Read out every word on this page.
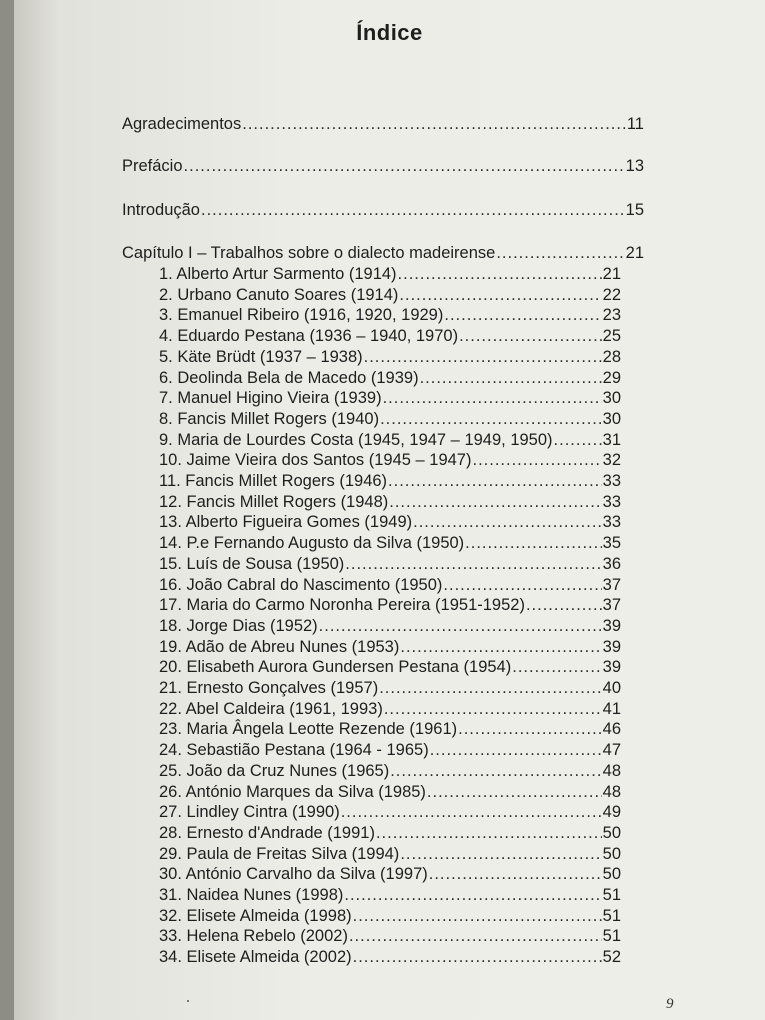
Índice
Agradecimentos .....	11
Prefácio .....	13
Introdução .....	15
Capítulo I – Trabalhos sobre o dialecto madeirense .....	21
1. Alberto Artur Sarmento (1914) .....	21
2. Urbano Canuto Soares (1914) .....	22
3. Emanuel Ribeiro (1916, 1920, 1929) .....	23
4. Eduardo Pestana (1936 – 1940, 1970) .....	25
5. Käte Brüdt (1937 – 1938) .....	28
6. Deolinda Bela de Macedo (1939) .....	29
7. Manuel Higino Vieira (1939) .....	30
8. Fancis Millet Rogers (1940) .....	30
9. Maria de Lourdes Costa (1945, 1947 – 1949, 1950) .....	31
10. Jaime Vieira dos Santos (1945 – 1947) .....	32
11. Fancis Millet Rogers (1946) .....	33
12. Fancis Millet Rogers (1948) .....	33
13. Alberto Figueira Gomes (1949) .....	33
14. P.e Fernando Augusto da Silva (1950) .....	35
15. Luís de Sousa (1950) .....	36
16. João Cabral do Nascimento (1950) .....	37
17. Maria do Carmo Noronha Pereira (1951-1952) .....	37
18. Jorge Dias (1952) .....	39
19. Adão de Abreu Nunes (1953) .....	39
20. Elisabeth Aurora Gundersen Pestana (1954) .....	39
21. Ernesto Gonçalves (1957) .....	40
22. Abel Caldeira (1961, 1993) .....	41
23. Maria Ângela Leotte Rezende (1961) .....	46
24. Sebastião Pestana (1964 - 1965) .....	47
25. João da Cruz Nunes (1965) .....	48
26. António Marques da Silva (1985) .....	48
27. Lindley Cintra (1990) .....	49
28. Ernesto d'Andrade (1991) .....	50
29. Paula de Freitas Silva (1994) .....	50
30. António Carvalho da Silva (1997) .....	50
31. Naidea Nunes (1998) .....	51
32. Elisete Almeida (1998) .....	51
33. Helena Rebelo (2002) .....	51
34. Elisete Almeida (2002) .....	52
9
